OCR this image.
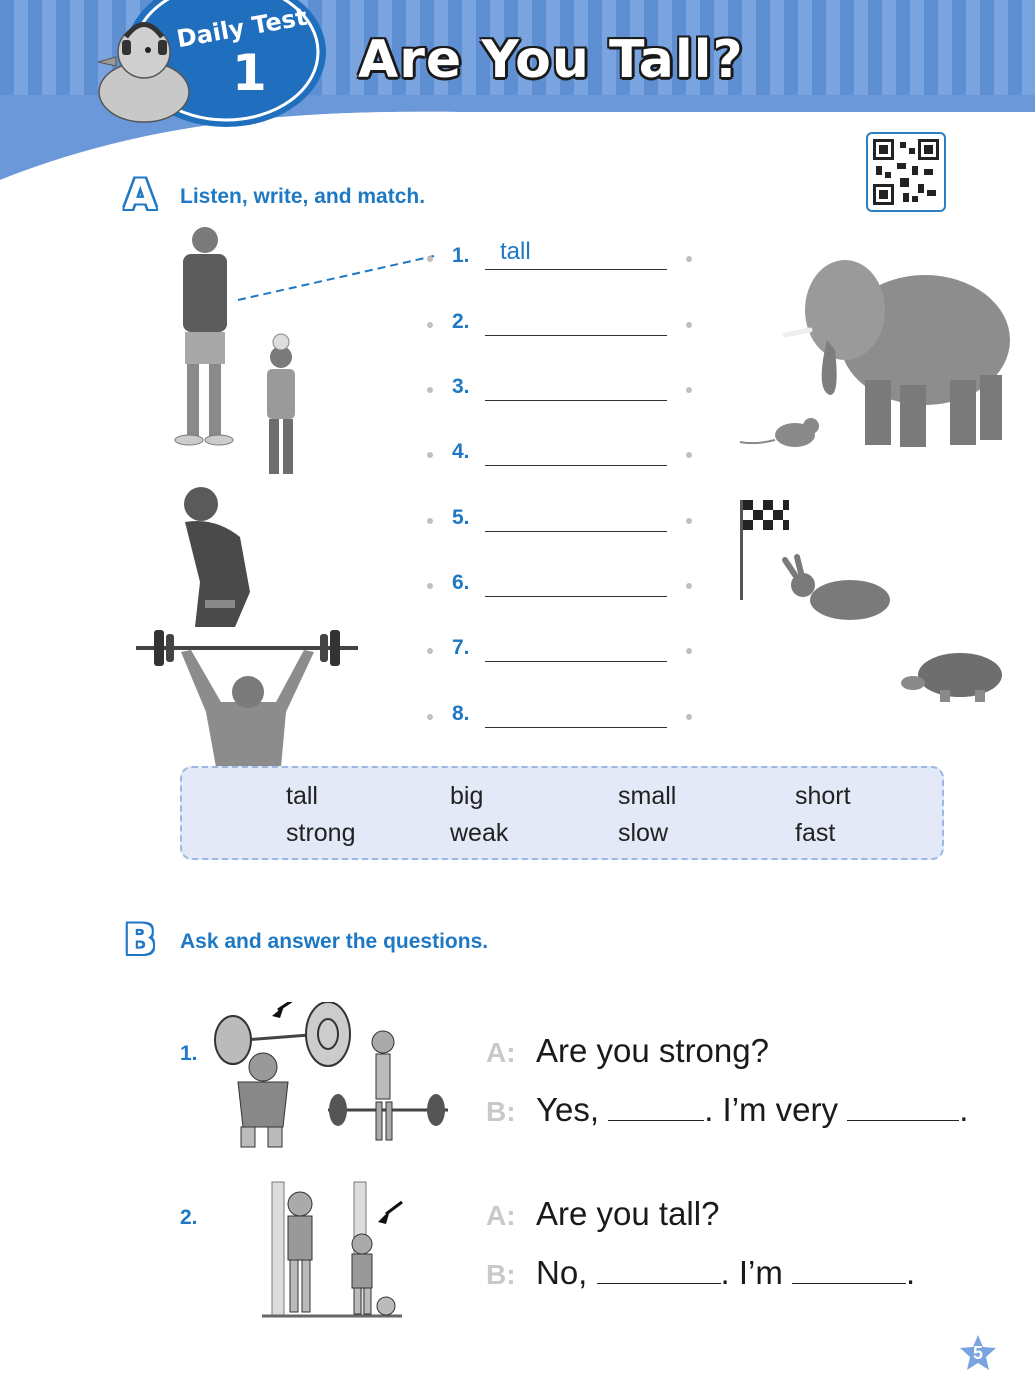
Daily Test
1 Are You Tall?
A Listen, write, and match.
1. tall
2.
3.
4.
5.
6.
7.
8.
tall	big	small	short
strong	weak	slow	fast
B Ask and answer the questions.
1.	A: Are you strong?
B: Yes,	. I’m very	.
2.	A: Are you tall?
B: No,	. I’m	.
5
